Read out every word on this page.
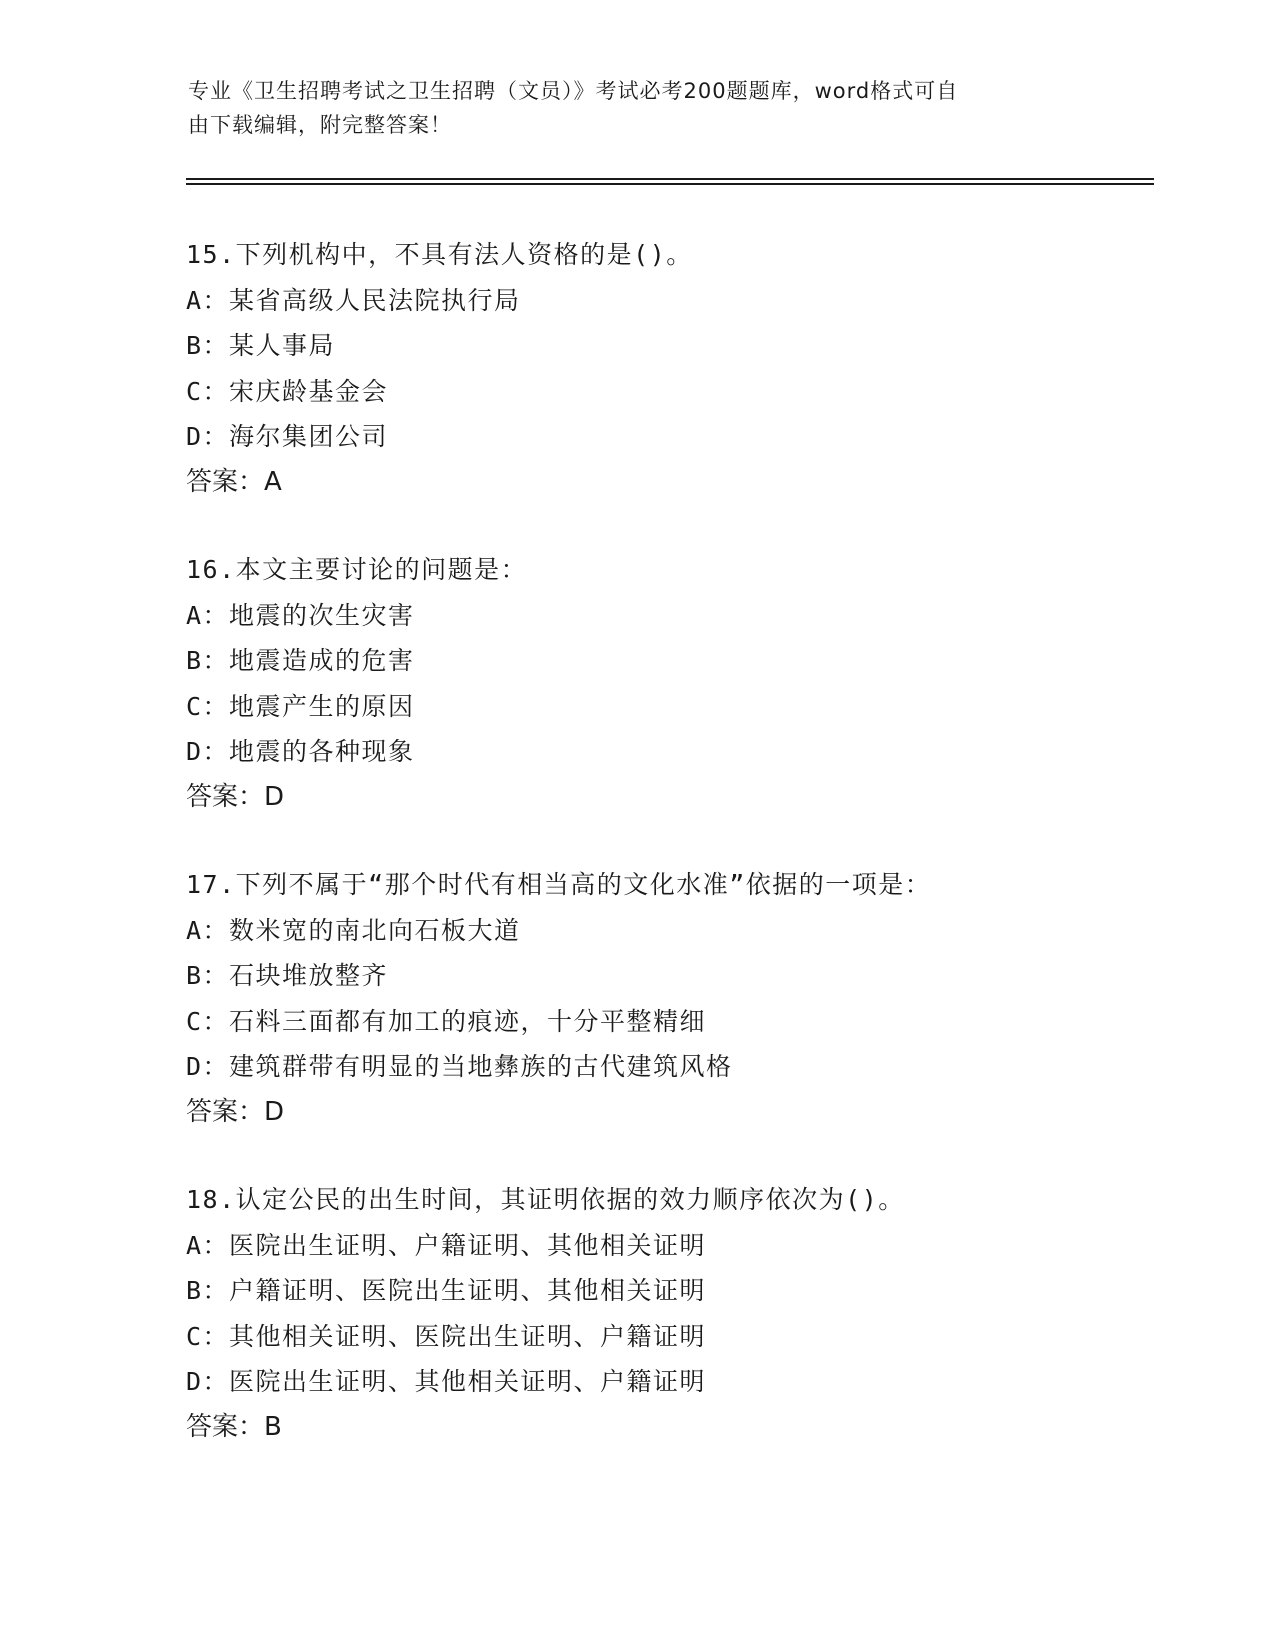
专业《卫生招聘考试之卫生招聘（文员）》考试必考200题题库，word格式可自
由下载编辑，附完整答案！
15.下列机构中，不具有法人资格的是()。
A：某省高级人民法院执行局
B：某人事局
C：宋庆龄基金会
D：海尔集团公司
答案：A
16.本文主要讨论的问题是：
A：地震的次生灾害
B：地震造成的危害
C：地震产生的原因
D：地震的各种现象
答案：D
17.下列不属于“那个时代有相当高的文化水准”依据的一项是：
A：数米宽的南北向石板大道
B：石块堆放整齐
C：石料三面都有加工的痕迹，十分平整精细
D：建筑群带有明显的当地彝族的古代建筑风格
答案：D
18.认定公民的出生时间，其证明依据的效力顺序依次为()。
A：医院出生证明、户籍证明、其他相关证明
B：户籍证明、医院出生证明、其他相关证明
C：其他相关证明、医院出生证明、户籍证明
D：医院出生证明、其他相关证明、户籍证明
答案：B
